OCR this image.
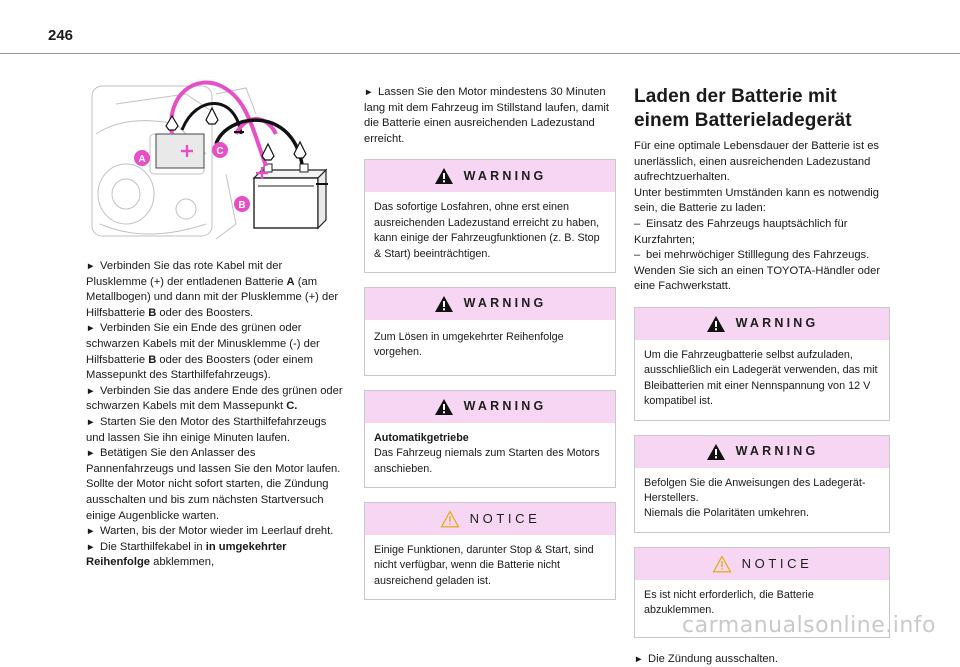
246
A
C
B

► Verbinden Sie das rote Kabel mit der Plusklemme (+) der entladenen Batterie A (am Metallbogen) und dann mit der Plusklemme (+) der Hilfsbatterie B oder des Boosters.

► Verbinden Sie ein Ende des grünen oder schwarzen Kabels mit der Minusklemme (-) der Hilfsbatterie B oder des Boosters (oder einem Massepunkt des Starthilfefahrzeugs).

► Verbinden Sie das andere Ende des grünen oder schwarzen Kabels mit dem Massepunkt C.

► Starten Sie den Motor des Starthilfefahrzeugs und lassen Sie ihn einige Minuten laufen.

► Betätigen Sie den Anlasser des Pannenfahrzeugs und lassen Sie den Motor laufen.

Sollte der Motor nicht sofort starten, die Zündung ausschalten und bis zum nächsten Startversuch einige Augenblicke warten.

► Warten, bis der Motor wieder im Leerlauf dreht.

► Die Starthilfekabel in in umgekehrter Reihenfolge abklemmen,

► Lassen Sie den Motor mindestens 30 Minuten lang mit dem Fahrzeug im Stillstand laufen, damit die Batterie einen ausreichenden Ladezustand erreicht.

WARNING
Das sofortige Losfahren, ohne erst einen ausreichenden Ladezustand erreicht zu haben, kann einige der Fahrzeugfunktionen (z. B. Stop & Start) beeinträchtigen.
WARNING
Zum Lösen in umgekehrter Reihenfolge vorgehen.
WARNING
Automatikgetriebe
Das Fahrzeug niemals zum Starten des Motors anschieben.
NOTICE
Einige Funktionen, darunter Stop & Start, sind nicht verfügbar, wenn die Batterie nicht ausreichend geladen ist.
Laden der Batterie mit einem Batterieladegerät

Für eine optimale Lebensdauer der Batterie ist es unerlässlich, einen ausreichenden Ladezustand aufrechtzuerhalten.

Unter bestimmten Umständen kann es notwendig sein, die Batterie zu laden:

– Einsatz des Fahrzeugs hauptsächlich für Kurzfahrten;

– bei mehrwöchiger Stilllegung des Fahrzeugs.

Wenden Sie sich an einen TOYOTA-Händler oder eine Fachwerkstatt.

WARNING
Um die Fahrzeugbatterie selbst aufzuladen, ausschließlich ein Ladegerät verwenden, das mit Bleibatterien mit einer Nennspannung von 12 V kompatibel ist.
WARNING
Befolgen Sie die Anweisungen des Ladegerät-Herstellers.
Niemals die Polaritäten umkehren.
NOTICE
Es ist nicht erforderlich, die Batterie abzuklemmen.

► Die Zündung ausschalten.

carmanualsonline.info
